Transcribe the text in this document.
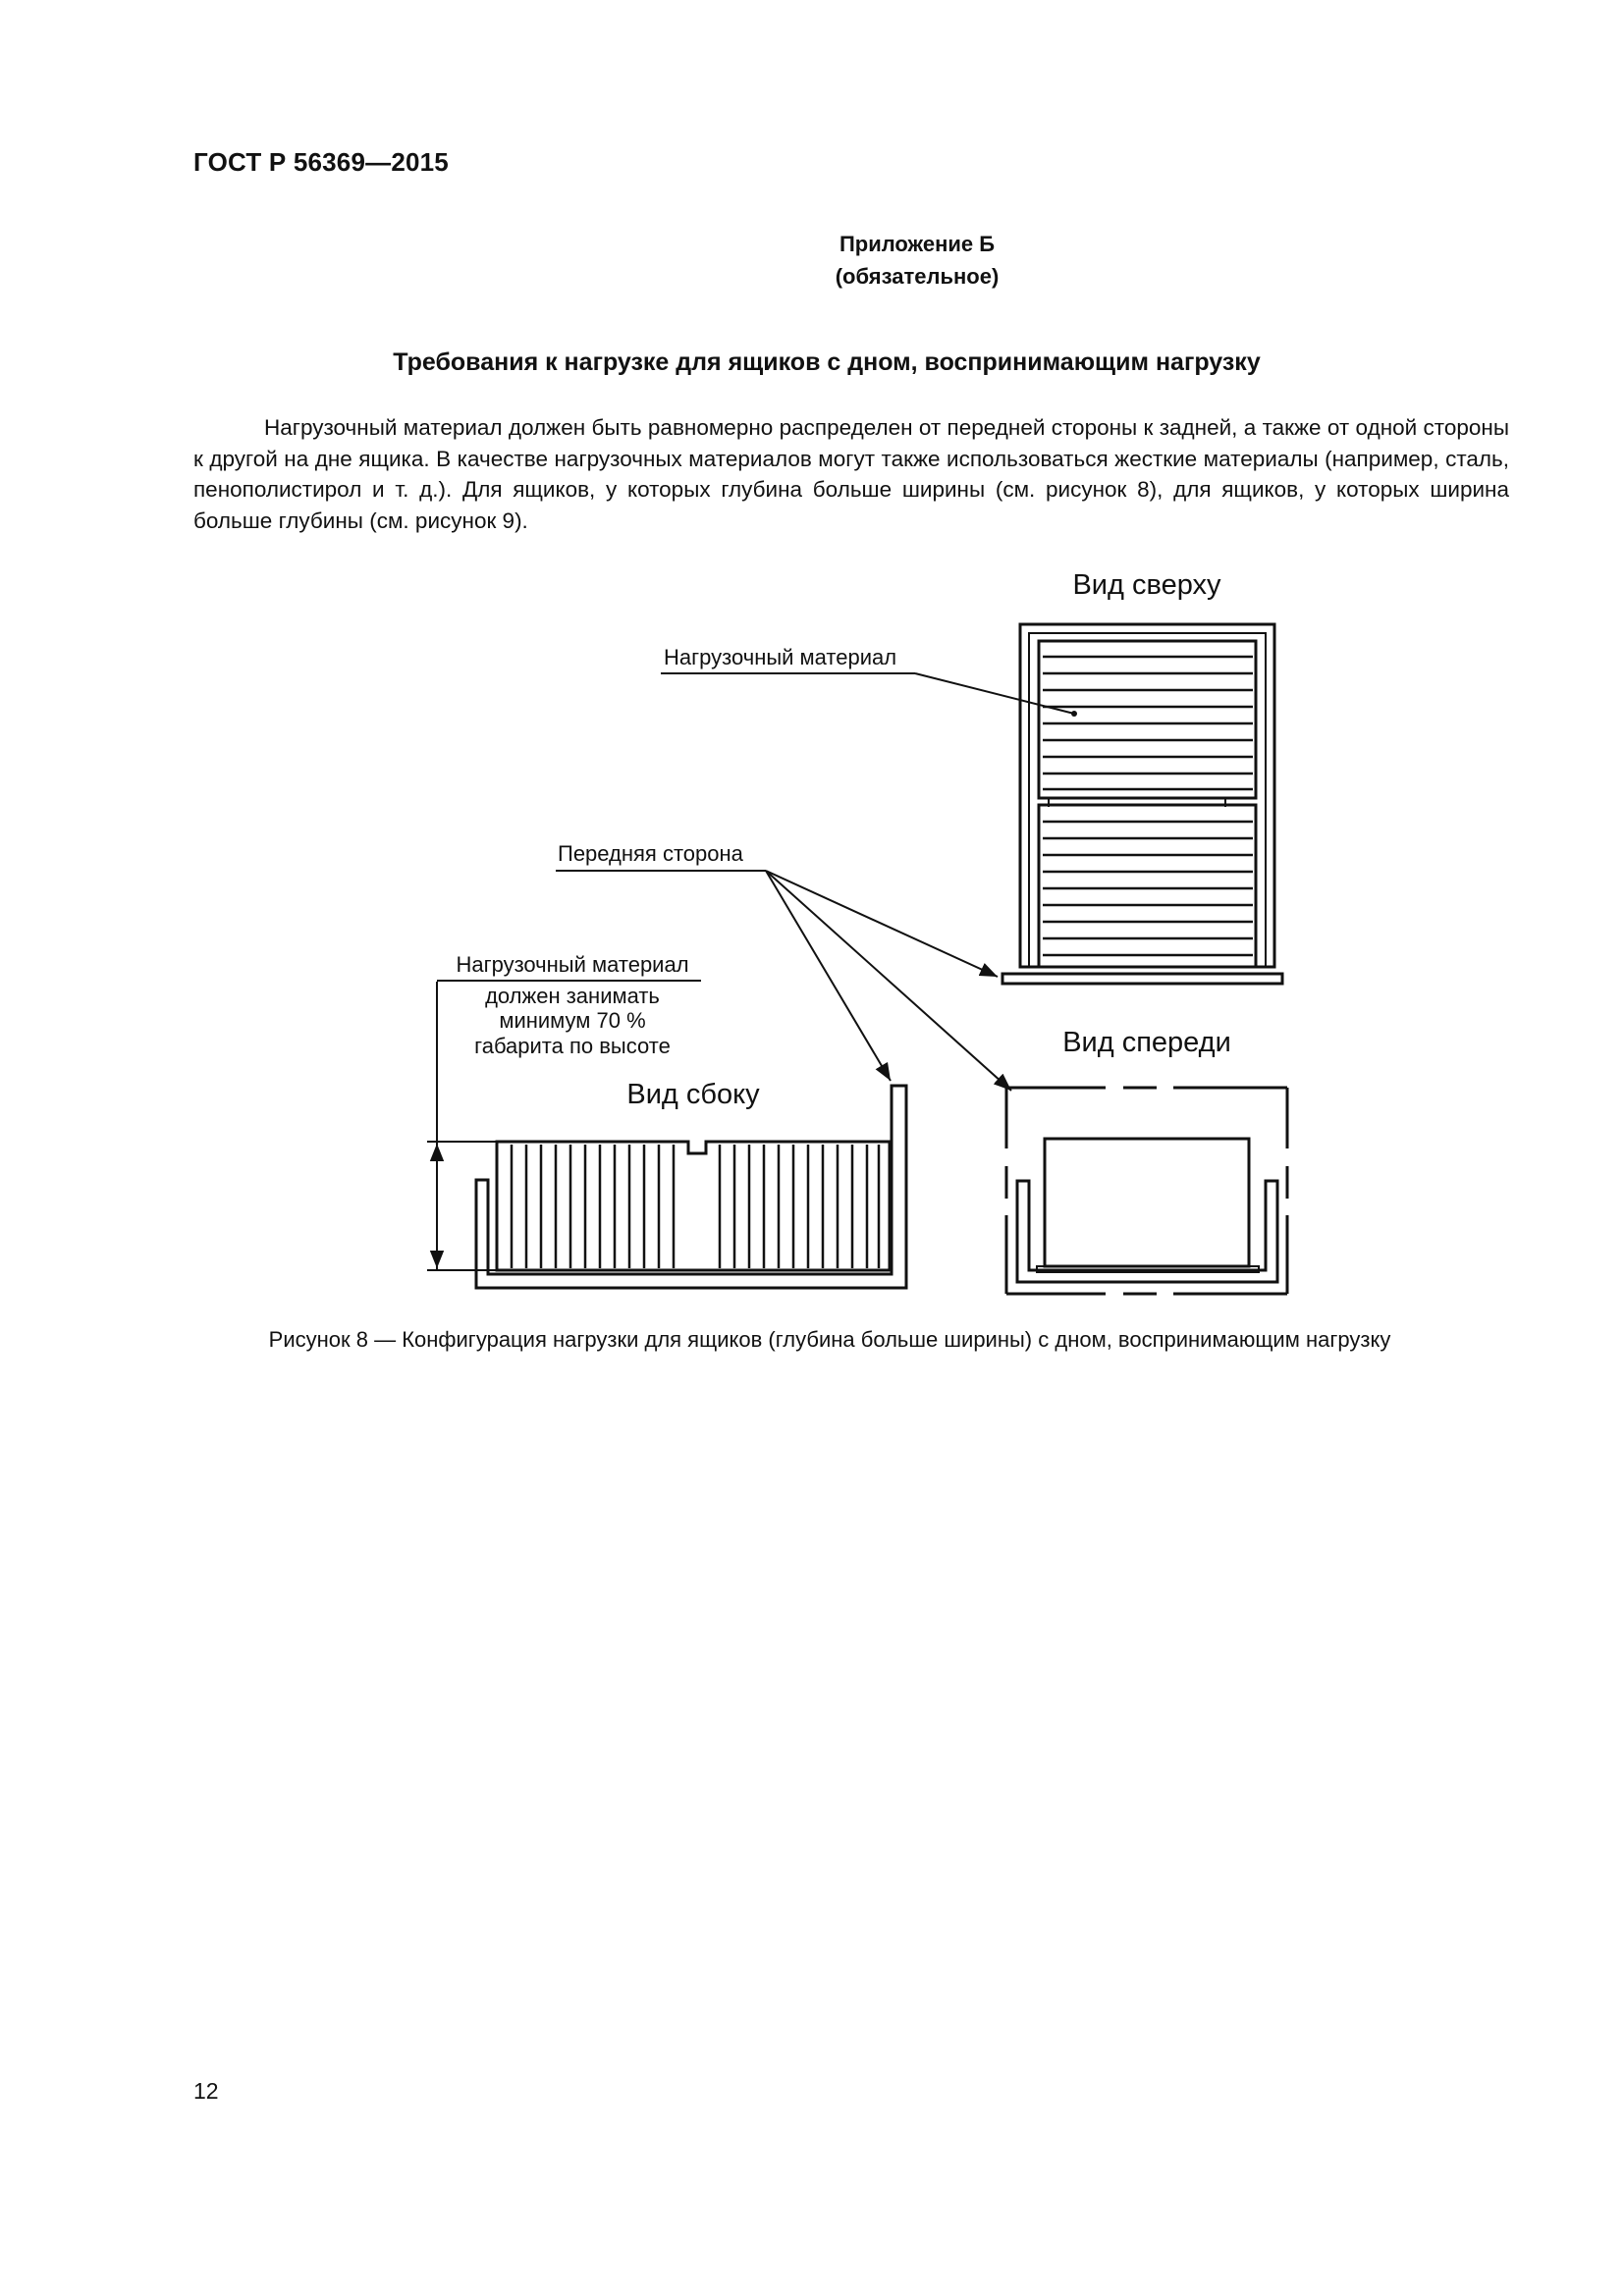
ГОСТ Р 56369—2015
Приложение Б
(обязательное)
Требования к нагрузке для ящиков с дном, воспринимающим нагрузку
Нагрузочный материал должен быть равномерно распределен от передней стороны к задней, а также от одной стороны к другой на дне ящика. В качестве нагрузочных материалов могут также использоваться жесткие материалы (например, сталь, пенополистирол и т. д.). Для ящиков, у которых глубина больше ширины (см. рисунок 8), для ящиков, у которых ширина больше глубины (см. рисунок 9).
Вид сверху
Нагрузочный материал
Передняя сторона
Нагрузочный материал
должен занимать
минимум 70 %
габарита по высоте
Вид сбоку
Вид спереди
Рисунок 8 — Конфигурация нагрузки для ящиков (глубина больше ширины) с дном, воспринимающим нагрузку
12
